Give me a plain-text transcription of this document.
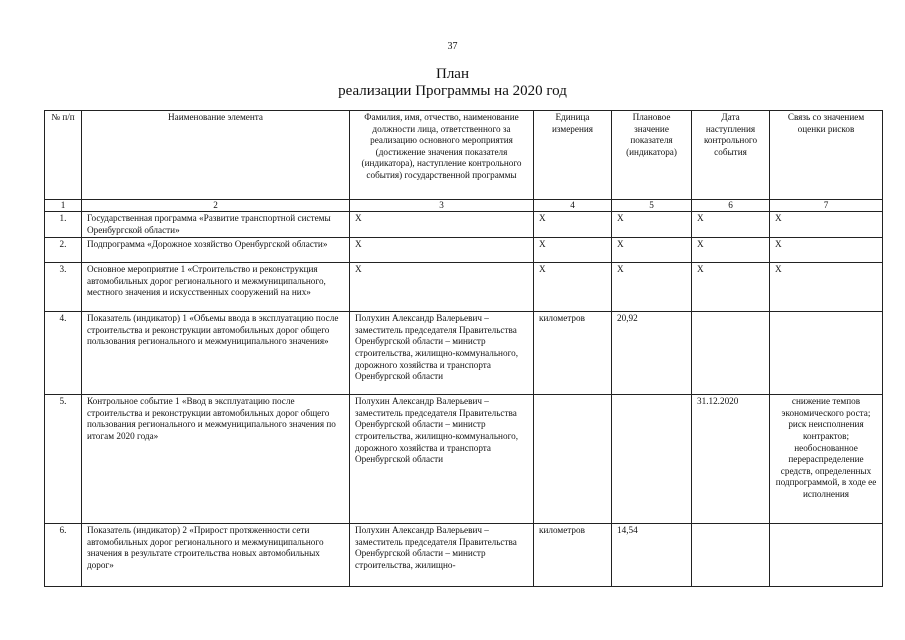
37
План
реализации Программы на 2020 год
№ п/п	Наименование элемента	Фамилия, имя, отчество, наименование должности лица, ответственного за реализацию основного мероприятия (достижение значения показателя (индикатора), наступление контрольного события) государственной программы	Единица измерения	Плановое значение показателя (индикатора)	Дата наступления контрольного события	Связь со значением оценки рисков
1	2	3	4	5	6	7
1.	Государственная программа «Развитие транспортной системы Оренбургской области»	Х	Х	Х	Х	Х
2.	Подпрограмма «Дорожное хозяйство Оренбургской области»	Х	Х	Х	Х	Х
3.	Основное мероприятие 1 «Строительство и реконструкция автомобильных дорог регионального и межмуниципального, местного значения и искусственных сооружений на них»	Х	Х	Х	Х	Х
4.	Показатель (индикатор) 1 «Объемы ввода в эксплуатацию после строительства и реконструкции автомобильных дорог общего пользования регионального и межмуниципального значения»	Полухин Александр Валерьевич – заместитель председателя Правительства Оренбургской области – министр строительства, жилищно-коммунального, дорожного хозяйства и транспорта Оренбургской области	километров	20,92		
5.	Контрольное событие 1 «Ввод в эксплуатацию после строительства и реконструкции автомобильных дорог общего пользования регионального и межмуниципального значения по итогам 2020 года»	Полухин Александр Валерьевич – заместитель председателя Правительства Оренбургской области – министр строительства, жилищно-коммунального, дорожного хозяйства и транспорта Оренбургской области			31.12.2020	снижение темпов экономического роста; риск неисполнения контрактов; необоснованное перераспределение средств, определенных подпрограммой, в ходе ее исполнения
6.	Показатель (индикатор) 2 «Прирост протяженности сети автомобильных дорог регионального и межмуниципального значения в результате строительства новых автомобильных дорог»	Полухин Александр Валерьевич – заместитель председателя Правительства Оренбургской области – министр строительства, жилищно-	километров	14,54		
